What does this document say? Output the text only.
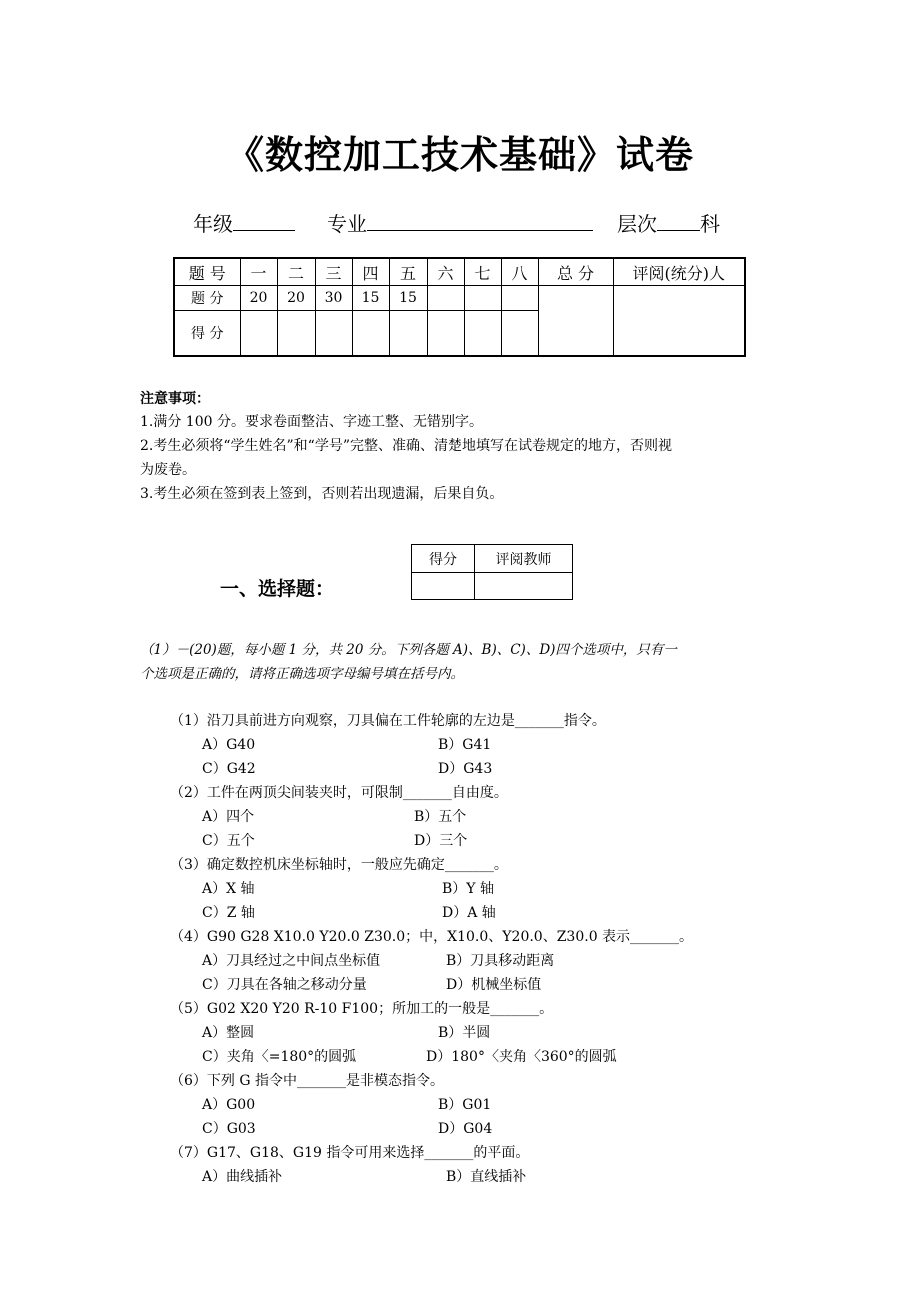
《数控加工技术基础》试卷
年级	专业	层次 科
题 号	一	二	三	四	五	六	七	八	总 分	评阅(统分)人
题 分	20	20	30	15	15					
得 分										
注意事项：
1.满分 100 分。要求卷面整洁、字迹工整、无错别字。
2.考生必须将“学生姓名”和“学号”完整、准确、清楚地填写在试卷规定的地方，否则视
为废卷。
3.考生必须在签到表上签到，否则若出现遗漏，后果自负。
得分	评阅教师

一、选择题：
（1）－(20)题，每小题 1 分，共 20 分。下列各题 A)、B)、C)、D)四个选项中，只有一
个选项是正确的，请将正确选项字母编号填在括号内。
（1）沿刀具前进方向观察，刀具偏在工件轮廓的左边是_______指令。
A）G40	B）G41
C）G42	D）G43
（2）工件在两顶尖间装夹时，可限制_______自由度。
A）四个	B）五个
C）五个	D）三个
（3）确定数控机床坐标轴时，一般应先确定_______。
A）X 轴	B）Y 轴
C）Z 轴	D）A 轴
（4）G90 G28 X10.0 Y20.0 Z30.0；中，X10.0、Y20.0、Z30.0 表示_______。
A）刀具经过之中间点坐标值	B）刀具移动距离
C）刀具在各轴之移动分量	D）机械坐标值
（5）G02 X20 Y20 R-10 F100；所加工的一般是_______。
A）整圆	B）半圆
C）夹角〈=180°的圆弧	D）180°〈夹角〈360°的圆弧
（6）下列 G 指令中_______是非模态指令。
A）G00	B）G01
C）G03	D）G04
（7）G17、G18、G19 指令可用来选择_______的平面。
A）曲线插补	B）直线插补
